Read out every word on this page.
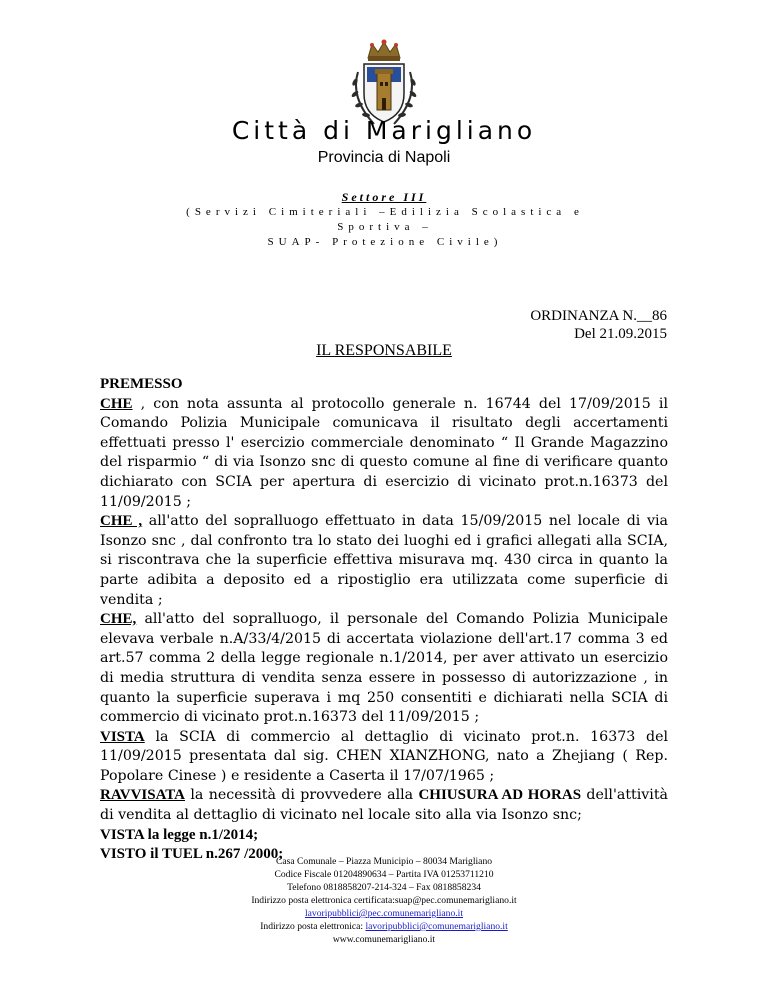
Città di Marigliano
Provincia di Napoli
Settore III
(Servizi Cimiteriali –Edilizia Scolastica e Sportiva –
SUAP- Protezione Civile)
ORDINANZA N.__86
Del 21.09.2015
IL RESPONSABILE

PREMESSO

CHE , con nota assunta al protocollo generale n. 16744 del 17/09/2015 il Comando Polizia Municipale comunicava il risultato degli accertamenti effettuati presso l' esercizio commerciale denominato “ Il Grande Magazzino del risparmio “ di via Isonzo snc di questo comune al fine di verificare quanto dichiarato con SCIA per apertura di esercizio di vicinato prot.n.16373 del 11/09/2015 ;

CHE , all'atto del sopralluogo effettuato in data 15/09/2015 nel locale di via Isonzo snc , dal confronto tra lo stato dei luoghi ed i grafici allegati alla SCIA, si riscontrava che la superficie effettiva misurava mq. 430 circa in quanto la parte adibita a deposito ed a ripostiglio era utilizzata come superficie di vendita ;

CHE, all'atto del sopralluogo, il personale del Comando Polizia Municipale elevava verbale n.A/33/4/2015 di accertata violazione dell'art.17 comma 3 ed art.57 comma 2 della legge regionale n.1/2014, per aver attivato un esercizio di media struttura di vendita senza essere in possesso di autorizzazione , in quanto la superficie superava i mq 250 consentiti e dichiarati nella SCIA di commercio di vicinato prot.n.16373 del 11/09/2015 ;

VISTA la SCIA di commercio al dettaglio di vicinato prot.n. 16373 del 11/09/2015 presentata dal sig. CHEN XIANZHONG, nato a Zhejiang ( Rep. Popolare Cinese ) e residente a Caserta il 17/07/1965 ;

RAVVISATA la necessità di provvedere alla CHIUSURA AD HORAS dell'attività di vendita al dettaglio di vicinato nel locale sito alla via Isonzo snc;

VISTA la legge n.1/2014;

VISTO il TUEL n.267 /2000;

Casa Comunale – Piazza Municipio – 80034 Marigliano
Codice Fiscale 01204890634 – Partita IVA 01253711210
Telefono 0818858207-214-324 – Fax 0818858234
Indirizzo posta elettronica certificata:suap@pec.comunemarigliano.it
lavoripubblici@pec.comunemarigliano.it
Indirizzo posta elettronica: lavoripubblici@comunemarigliano.it
www.comunemarigliano.it
